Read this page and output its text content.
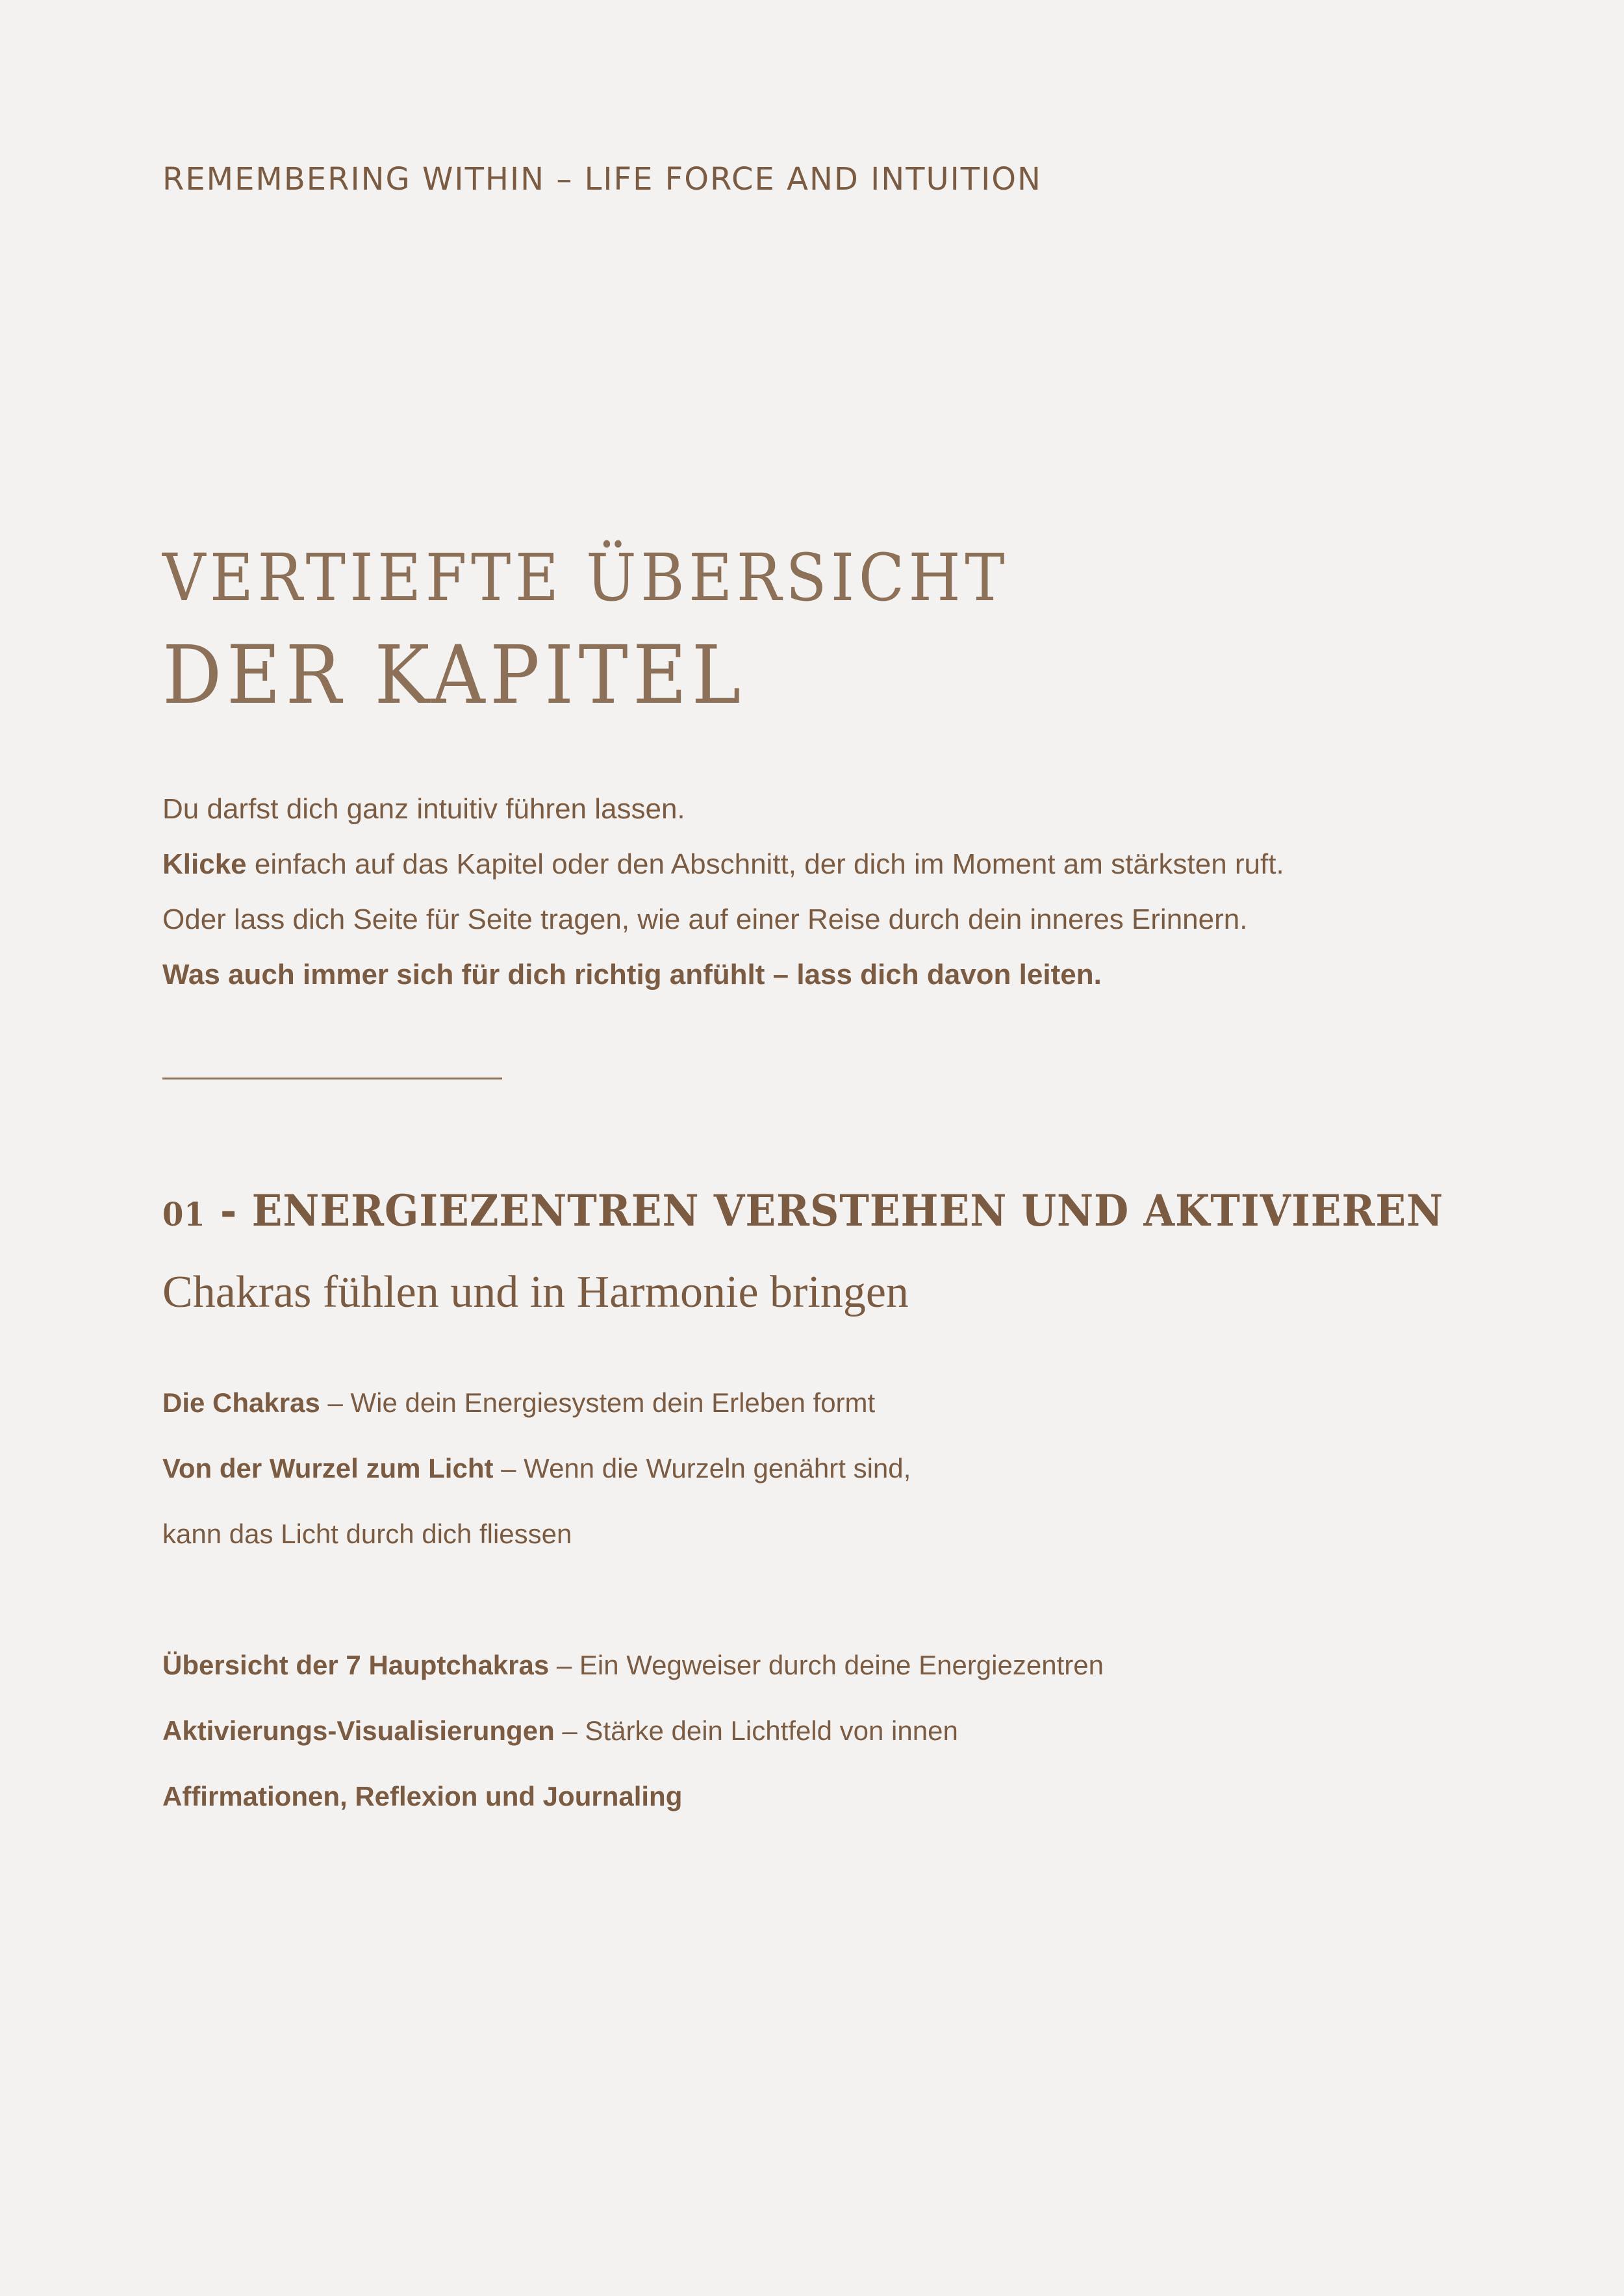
REMEMBERING WITHIN – LIFE FORCE AND INTUITION
VERTIEFTE ÜBERSICHT
DER KAPITEL

Du darfst dich ganz intuitiv führen lassen.

Klicke einfach auf das Kapitel oder den Abschnitt, der dich im Moment am stärksten ruft.

Oder lass dich Seite für Seite tragen, wie auf einer Reise durch dein inneres Erinnern.

Was auch immer sich für dich richtig anfühlt – lass dich davon leiten.

01 - ENERGIEZENTREN VERSTEHEN UND AKTIVIEREN
Chakras fühlen und in Harmonie bringen
Die Chakras – Wie dein Energiesystem dein Erleben formt
Von der Wurzel zum Licht – Wenn die Wurzeln genährt sind,
kann das Licht durch dich fliessen
Übersicht der 7 Hauptchakras – Ein Wegweiser durch deine Energiezentren
Aktivierungs-Visualisierungen – Stärke dein Lichtfeld von innen
Affirmationen, Reflexion und Journaling
